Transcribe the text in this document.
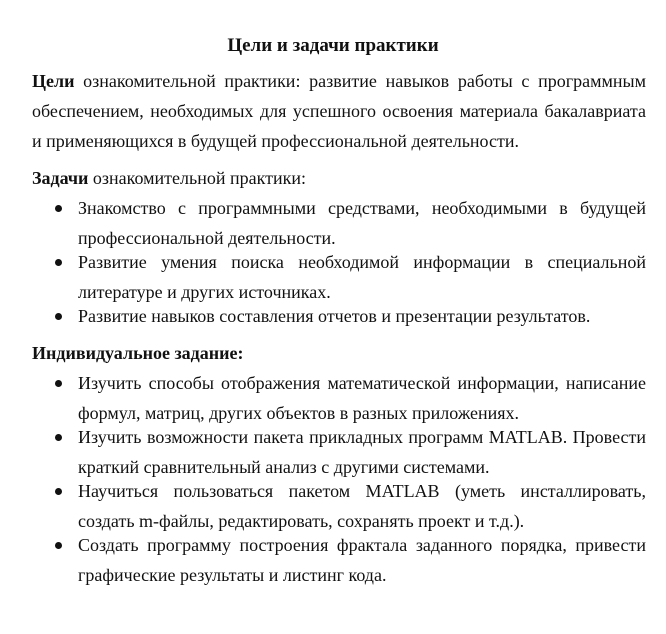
Цели и задачи практики

Цели ознакомительной практики: развитие навыков работы с программным обеспечением, необходимых для успешного освоения материала бакалавриата и применяющихся в будущей профессиональной деятельности.

Задачи ознакомительной практики:

Знакомство с программными средствами, необходимыми в будущей профессиональной деятельности.
Развитие умения поиска необходимой информации в специальной литературе и других источниках.
Развитие навыков составления отчетов и презентации результатов.

Индивидуальное задание:

Изучить способы отображения математической информации, написание формул, матриц, других объектов в разных приложениях.
Изучить возможности пакета прикладных программ MATLAB. Провести краткий сравнительный анализ с другими системами.
Научиться пользоваться пакетом MATLAB (уметь инсталлировать, создать m-файлы, редактировать, сохранять проект и т.д.).
Создать программу построения фрактала заданного порядка, привести графические результаты и листинг кода.
